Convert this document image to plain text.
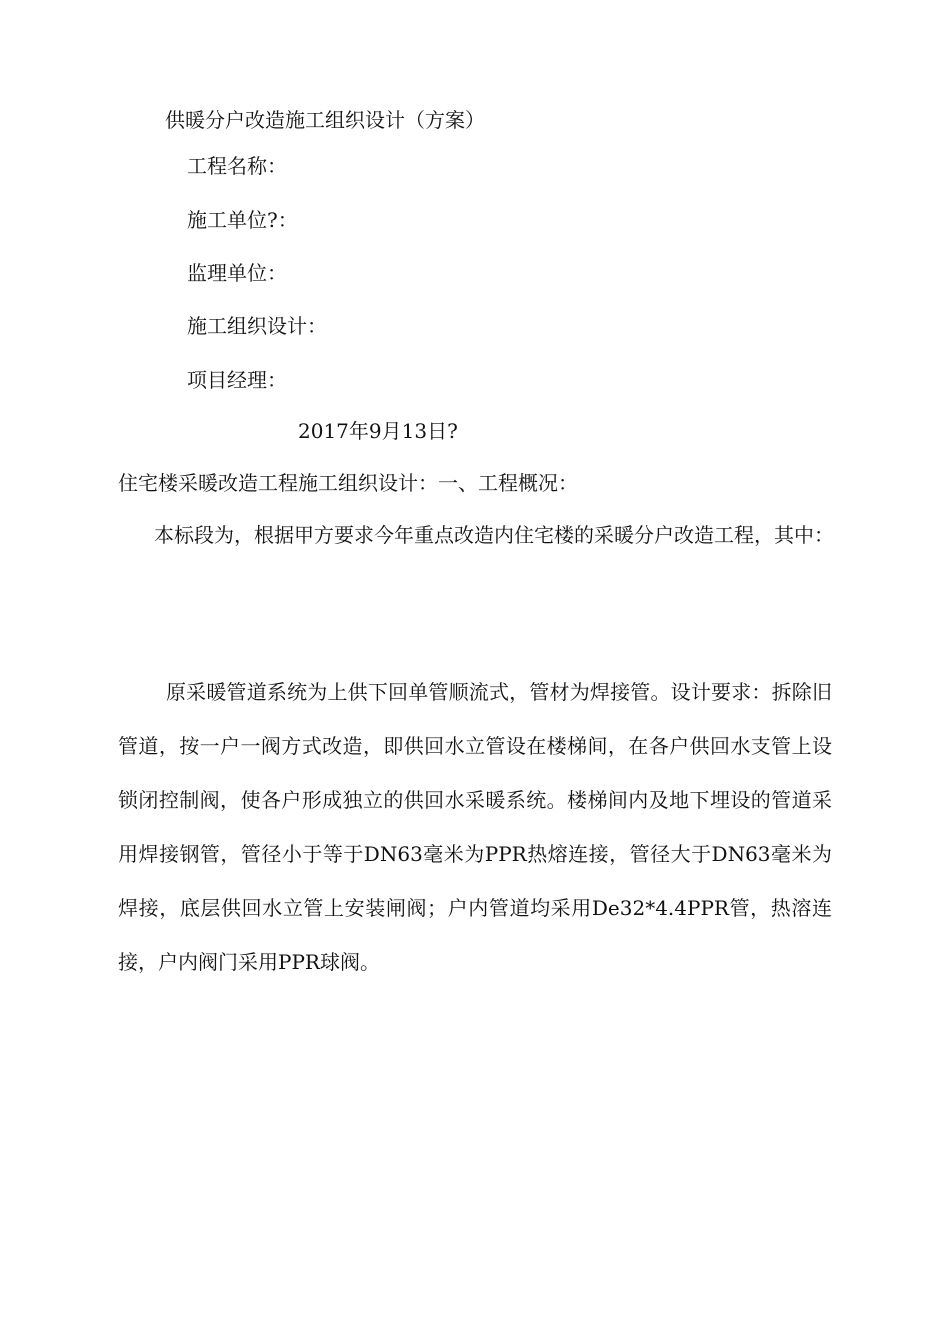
供暖分户改造施工组织设计（方案）

工程名称：

施工单位?：

监理单位：

施工组织设计：

项目经理：

2017年9月13日?

住宅楼采暖改造工程施工组织设计：一、工程概况：

本标段为，根据甲方要求今年重点改造内住宅楼的采暖分户改造工程，其中：

原采暖管道系统为上供下回单管顺流式，管材为焊接管。设计要求：拆除旧管道，按一户一阀方式改造，即供回水立管设在楼梯间，在各户供回水支管上设锁闭控制阀，使各户形成独立的供回水采暖系统。楼梯间内及地下埋设的管道采用焊接钢管，管径小于等于DN63毫米为PPR热熔连接，管径大于DN63毫米为焊接，底层供回水立管上安装闸阀；户内管道均采用De32*4.4PPR管，热溶连接，户内阀门采用PPR球阀。
